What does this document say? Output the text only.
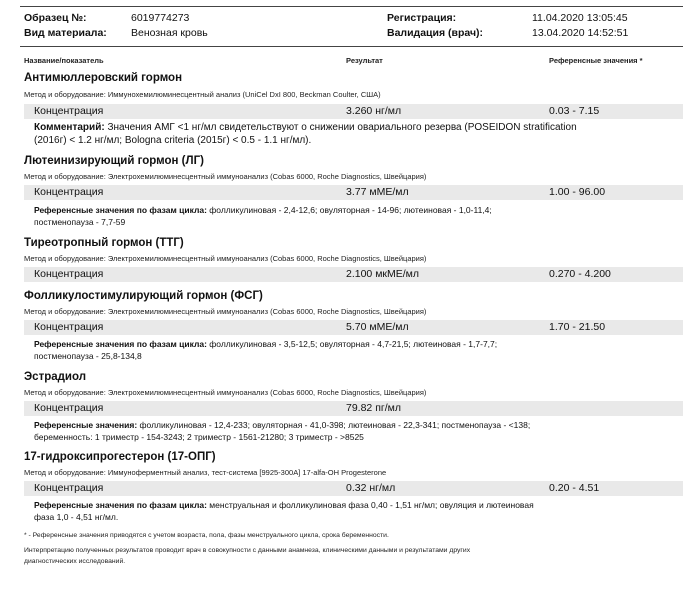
Образец №:	6019774273
Вид материала: Венозная кровь
Регистрация:	11.04.2020 13:05:45
Валидация (врач):	13.04.2020 14:52:51
Название/показатель	Результат	Референсные значения *
Антимюллеровский гормон
Метод и оборудование: Иммунохемилюминесцентный анализ (UniCel DxI 800, Beckman Coulter, США)
Концентрация	3.260 нг/мл	0.03 - 7.15
Комментарий: Значения АМГ <1 нг/мл свидетельствуют о снижении овариального резерва (POSEIDON stratification
(2016г) < 1.2 нг/мл; Bologna criteria (2015г) < 0.5 - 1.1 нг/мл).
Лютеинизирующий гормон (ЛГ)
Метод и оборудование: Электрохемилюминесцентный иммуноанализ (Cobas 6000, Roche Diagnostics, Швейцария)
Концентрация	3.77 мМЕ/мл	1.00 - 96.00
Референсные значения по фазам цикла: фолликулиновая - 2,4-12,6; овуляторная - 14-96; лютеиновая - 1,0-11,4;
постменопауза - 7,7-59
Тиреотропный гормон (ТТГ)
Метод и оборудование: Электрохемилюминесцентный иммуноанализ (Cobas 6000, Roche Diagnostics, Швейцария)
Концентрация	2.100 мкМЕ/мл	0.270 - 4.200
Фолликулостимулирующий гормон (ФСГ)
Метод и оборудование: Электрохемилюминесцентный иммуноанализ (Cobas 6000, Roche Diagnostics, Швейцария)
Концентрация	5.70 мМЕ/мл	1.70 - 21.50
Референсные значения по фазам цикла: фолликулиновая - 3,5-12,5; овуляторная - 4,7-21,5; лютеиновая - 1,7-7,7;
постменопауза - 25,8-134,8
Эстрадиол
Метод и оборудование: Электрохемилюминесцентный иммуноанализ (Cobas 6000, Roche Diagnostics, Швейцария)
Концентрация	79.82 пг/мл
Референсные значения: фолликулиновая - 12,4-233; овуляторная - 41,0-398; лютеиновая - 22,3-341; постменопауза - <138;
беременность: 1 триместр - 154-3243; 2 триместр - 1561-21280; 3 триместр - >8525
17-гидроксипрогестерон (17-ОПГ)
Метод и оборудование: Иммуноферментный анализ, тест-система [9925-300A] 17-alfa-OH Progesterone
Концентрация	0.32 нг/мл	0.20 - 4.51
Референсные значения по фазам цикла: менструальная и фолликулиновая фаза 0,40 - 1,51 нг/мл; овуляция и лютеиновая
фаза 1,0 - 4,51 нг/мл.
* - Референсные значения приводятся с учетом возраста, пола, фазы менструального цикла, срока беременности.
Интерпретацию полученных результатов проводит врач в совокупности с данными анамнеза, клиническими данными и результатами других
диагностических исследований.
